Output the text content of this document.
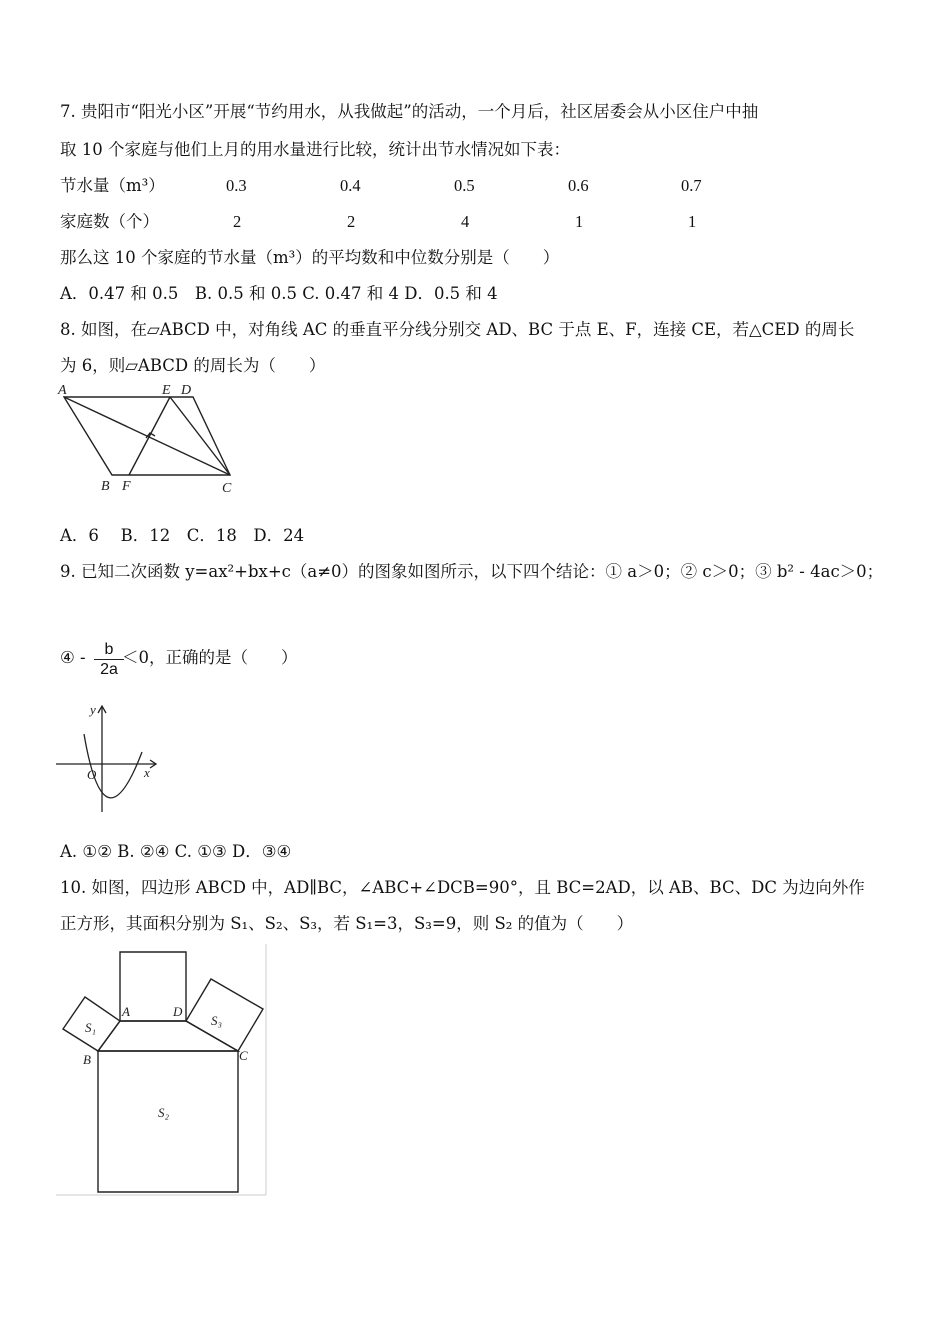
7. 贵阳市“阳光小区”开展“节约用水，从我做起”的活动，一个月后，社区居委会从小区住户中抽
取 10 个家庭与他们上月的用水量进行比较，统计出节水情况如下表：
节水量（m³）	0.3	0.4	0.5	0.6	0.7
家庭数（个）	2	2	4	1	1
那么这 10 个家庭的节水量（m³）的平均数和中位数分别是（　　）
A．0.47 和 0.5　B. 0.5 和 0.5 C. 0.47 和 4 D．0.5 和 4
8. 如图，在▱ABCD 中，对角线 AC 的垂直平分线分别交 AD、BC 于点 E、F，连接 CE，若△CED 的周长
为 6，则▱ABCD 的周长为（　　）
A	E D
B F	C
A．6　 B．12　C．18　D．24
9. 已知二次函数 y=ax²+bx+c（a≠0）的图象如图所示，以下四个结论：① a＞0；② c＞0；③ b² ‑ 4ac＞0；
④ - $\frac{b}{2a}$
＜0，正确的是（　　）
y
x
O
A. ①② B. ②④ C. ①③ D．③④
10. 如图，四边形 ABCD 中，AD∥BC，∠ABC+∠DCB=90°，且 BC=2AD，以 AB、BC、DC 为边向外作
正方形，其面积分别为 S₁、S₂、S₃，若 S₁=3，S₃=9，则 S₂ 的值为（　　）
A	D
B	C
S₁	S₃
S₂
